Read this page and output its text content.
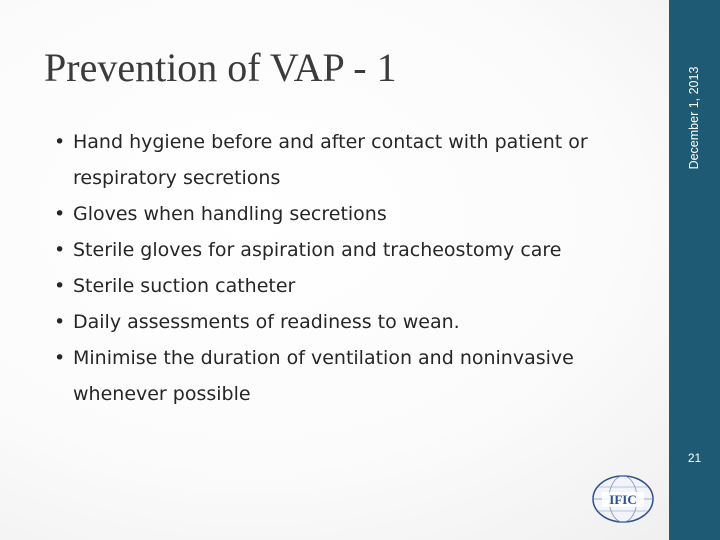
Prevention of VAP - 1
• Hand hygiene before and after contact with patient or respiratory secretions
• Gloves when handling secretions
• Sterile gloves for aspiration and tracheostomy care
• Sterile suction catheter
• Daily assessments of readiness to wean.
• Minimise the duration of ventilation and noninvasive whenever possible
IFIC
December 1, 2013
21
